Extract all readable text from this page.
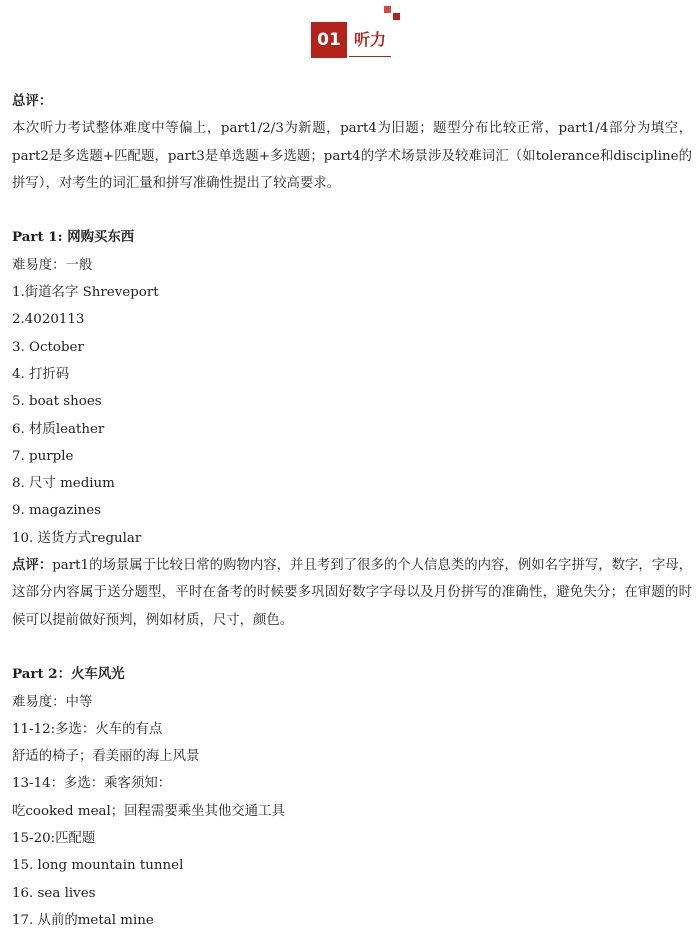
01 听力
总评：
本次听力考试整体难度中等偏上，part1/2/3为新题，part4为旧题；题型分布比较正常，part1/4部分为填空，part2是多选题+匹配题，part3是单选题+多选题；part4的学术场景涉及较难词汇（如tolerance和discipline的拼写），对考生的词汇量和拼写准确性提出了较高要求。
Part 1: 网购买东西
难易度：一般
1.街道名字 Shreveport
2.4020113
3. October
4. 打折码
5. boat shoes
6. 材质leather
7. purple
8. 尺寸 medium
9. magazines
10. 送货方式regular
点评：part1的场景属于比较日常的购物内容，并且考到了很多的个人信息类的内容，例如名字拼写，数字，字母，这部分内容属于送分题型，平时在备考的时候要多巩固好数字字母以及月份拼写的准确性，避免失分；在审题的时候可以提前做好预判，例如材质，尺寸，颜色。
Part 2：火车风光
难易度：中等
11-12:多选：火车的有点
舒适的椅子；看美丽的海上风景
13-14：多选：乘客须知：
吃cooked meal；回程需要乘坐其他交通工具
15-20:匹配题
15. long mountain tunnel
16. sea lives
17. 从前的metal mine
